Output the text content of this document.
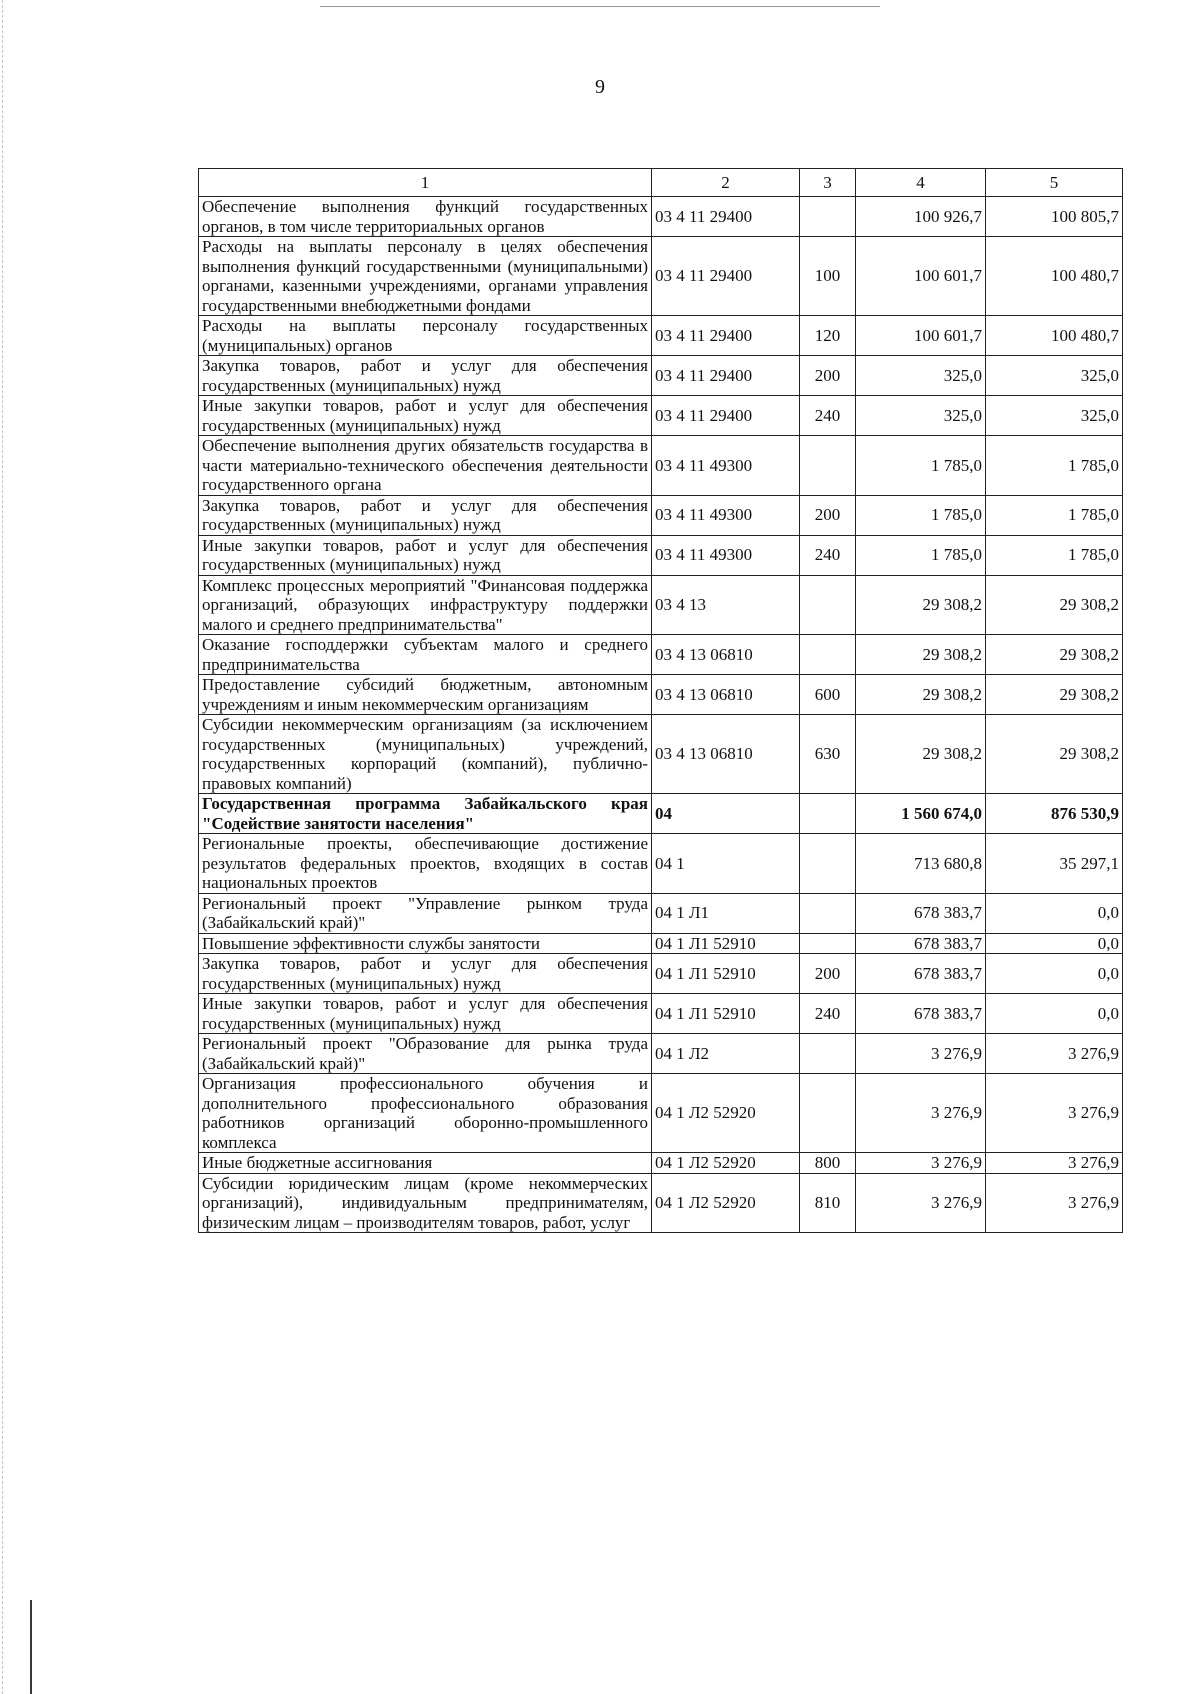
9
1	2	3	4	5
Обеспечение выполнения функций государственных органов, в том числе территориальных органов	03 4 11 29400		100 926,7	100 805,7
Расходы на выплаты персоналу в целях обеспечения выполнения функций государственными (муниципальными) органами, казенными учреждениями, органами управления государственными внебюджетными фондами	03 4 11 29400	100	100 601,7	100 480,7
Расходы на выплаты персоналу государственных (муниципальных) органов	03 4 11 29400	120	100 601,7	100 480,7
Закупка товаров, работ и услуг для обеспечения государственных (муниципальных) нужд	03 4 11 29400	200	325,0	325,0
Иные закупки товаров, работ и услуг для обеспечения государственных (муниципальных) нужд	03 4 11 29400	240	325,0	325,0
Обеспечение выполнения других обязательств государства в части материально-технического обеспечения деятельности государственного органа	03 4 11 49300		1 785,0	1 785,0
Закупка товаров, работ и услуг для обеспечения государственных (муниципальных) нужд	03 4 11 49300	200	1 785,0	1 785,0
Иные закупки товаров, работ и услуг для обеспечения государственных (муниципальных) нужд	03 4 11 49300	240	1 785,0	1 785,0
Комплекс процессных мероприятий "Финансовая поддержка организаций, образующих инфраструктуру поддержки малого и среднего предпринимательства"	03 4 13		29 308,2	29 308,2
Оказание господдержки субъектам малого и среднего предпринимательства	03 4 13 06810		29 308,2	29 308,2
Предоставление субсидий бюджетным, автономным учреждениям и иным некоммерческим организациям	03 4 13 06810	600	29 308,2	29 308,2
Субсидии некоммерческим организациям (за исключением государственных (муниципальных) учреждений, государственных корпораций (компаний), публично-правовых компаний)	03 4 13 06810	630	29 308,2	29 308,2
Государственная программа Забайкальского края "Содействие занятости населения"	04		1 560 674,0	876 530,9
Региональные проекты, обеспечивающие достижение результатов федеральных проектов, входящих в состав национальных проектов	04 1		713 680,8	35 297,1
Региональный проект "Управление рынком труда (Забайкальский край)"	04 1 Л1		678 383,7	0,0
Повышение эффективности службы занятости	04 1 Л1 52910		678 383,7	0,0
Закупка товаров, работ и услуг для обеспечения государственных (муниципальных) нужд	04 1 Л1 52910	200	678 383,7	0,0
Иные закупки товаров, работ и услуг для обеспечения государственных (муниципальных) нужд	04 1 Л1 52910	240	678 383,7	0,0
Региональный проект "Образование для рынка труда (Забайкальский край)"	04 1 Л2		3 276,9	3 276,9
Организация профессионального обучения и дополнительного профессионального образования работников организаций оборонно-промышленного комплекса	04 1 Л2 52920		3 276,9	3 276,9
Иные бюджетные ассигнования	04 1 Л2 52920	800	3 276,9	3 276,9
Субсидии юридическим лицам (кроме некоммерческих организаций), индивидуальным предпринимателям, физическим лицам – производителям товаров, работ, услуг	04 1 Л2 52920	810	3 276,9	3 276,9
